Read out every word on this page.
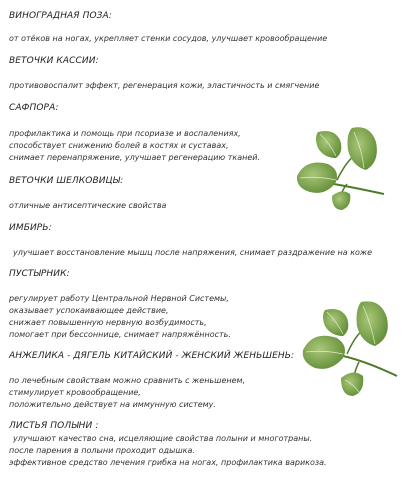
ВИНОГРАДНАЯ ПОЗА:

от отёков на ногах, укрепляет стенки сосудов, улучшает кровообращение

ВЕТОЧКИ КАССИИ:

противовоспалит эффект, регенерация кожи, эластичность и смягчение

САФПОРА:

профилактика и помощь при псориазе и воспалениях,

способствует снижению болей в костях и суставах,

снимает перенапряжение, улучшает регенерацию тканей.

ВЕТОЧКИ ШЕЛКОВИЦЫ:

отличные антисептические свойства

ИМБИРЬ:

улучшает восстановление мышц после напряжения, снимает раздражение на коже

ПУСТЫРНИК:

регулирует работу Центральной Нервной Системы,

оказывает успокаивающее действие,

снижает повышенную нервную возбудимость,

помогает при бессоннице, снимает напряжённость.

АНЖЕЛИКА - ДЯГЕЛЬ КИТАЙСКИЙ - ЖЕНСКИЙ ЖЕНЬШЕНЬ:

по лечебным свойствам можно сравнить с женьшенем,

стимулирует кровообращение,

положительно действует на иммунную систему.

ЛИСТЬЯ ПОЛЫНИ :

улучшают качество сна, исцеляющие свойства полыни и многотраны.

после парения в полыни проходит одышка.

эффективное средство лечения грибка на ногах, профилактика варикоза.
